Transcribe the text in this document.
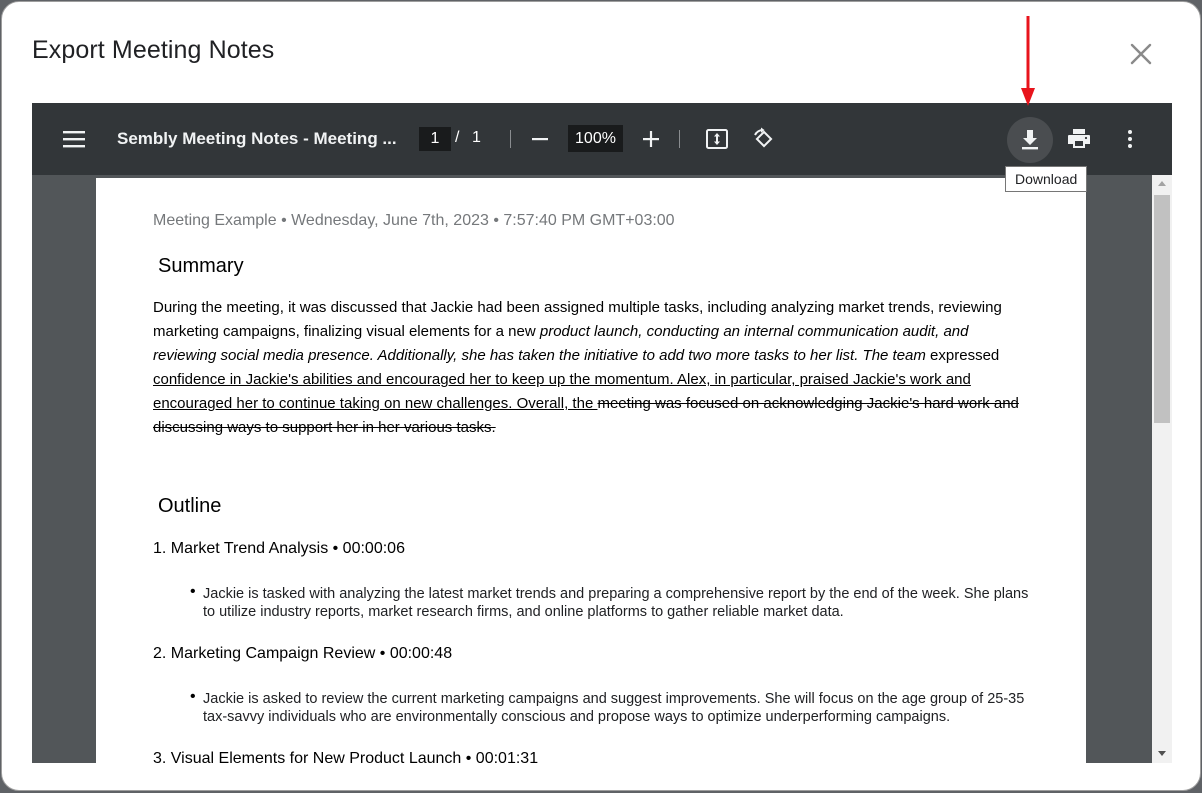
Export Meeting Notes
Sembly Meeting Notes - Meeting ...	1 / 1	100%
Meeting Example • Wednesday, June 7th, 2023 • 7:57:40 PM GMT+03:00
Summary
During the meeting, it was discussed that Jackie had been assigned multiple tasks, including analyzing market trends, reviewing marketing campaigns, finalizing visual elements for a new product launch, conducting an internal communication audit, and reviewing social media presence. Additionally, she has taken the initiative to add two more tasks to her list. The team expressed confidence in Jackie's abilities and encouraged her to keep up the momentum. Alex, in particular, praised Jackie's work and encouraged her to continue taking on new challenges. Overall, the meeting was focused on acknowledging Jackie's hard work and discussing ways to support her in her various tasks.
Outline
1. Market Trend Analysis • 00:00:06
• Jackie is tasked with analyzing the latest market trends and preparing a comprehensive report by the end of the week. She plans to utilize industry reports, market research firms, and online platforms to gather reliable market data.
2. Marketing Campaign Review • 00:00:48
• Jackie is asked to review the current marketing campaigns and suggest improvements. She will focus on the age group of 25-35 tax-savvy individuals who are environmentally conscious and propose ways to optimize underperforming campaigns.
3. Visual Elements for New Product Launch • 00:01:31
Download
